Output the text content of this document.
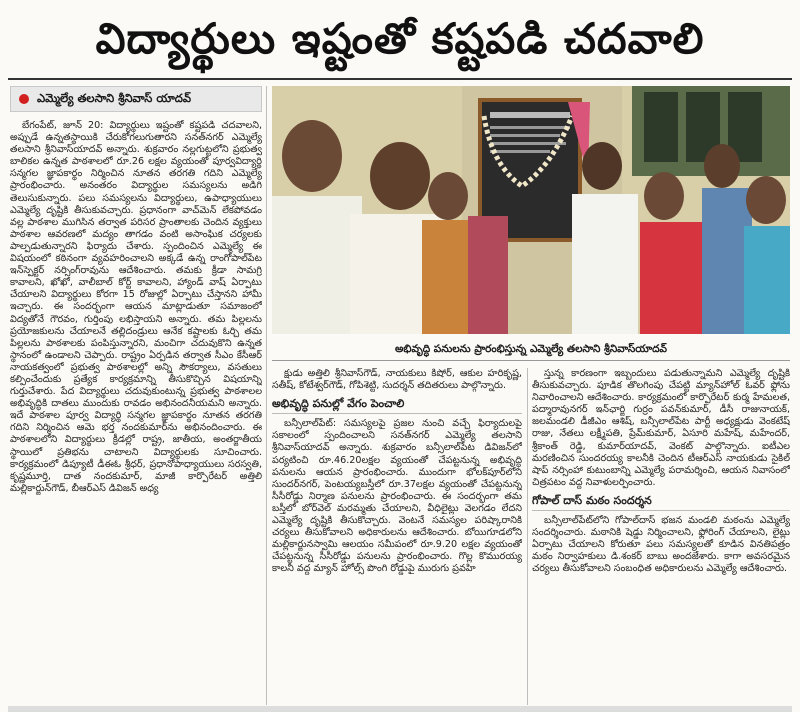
విద్యార్థులు ఇష్టంతో కష్టపడి చదవాలి
ఎమ్మెల్యే తలసాని శ్రీనివాస్ యాదవ్

బేగంపేట్, జూన్ 20: విద్యార్థులు ఇష్టంతో కష్టపడి చదవాలని, అప్పుడే ఉన్నతస్థాయికి చేరుకోగలుగుతారని సనత్‌నగర్ ఎమ్మెల్యే తలసాని శ్రీనివాస్‌యాదవ్ అన్నారు. శుక్రవారం నల్లగుట్టలోని ప్రభుత్వ బాలికల ఉన్నత పాఠశాలలో రూ.26 లక్షల వ్యయంతో పూర్వవిద్యార్థి సన్మగల జ్ఞాపకార్థం నిర్మించిన నూతన తరగతి గదిని ఎమ్మెల్యే ప్రారంభించారు. అనంతరం విద్యార్థుల సమస్యలను అడిగి తెలుసుకున్నారు. పలు సమస్యలను విద్యార్థులు, ఉపాధ్యాయులు ఎమ్మెల్యే దృష్టికి తీసుకువచ్చారు. ప్రధానంగా వాచ్‌మెన్ లేకపోవడం వల్ల పాఠశాల ముగిసిన తర్వాత పరిసర ప్రాంతాలకు చెందిన వ్యక్తులు పాఠశాల ఆవరణలో మద్యం తాగడం వంటి అసాంఘిక చర్యలకు పాల్పడుతున్నారని ఫిర్యాదు చేశారు. స్పందించిన ఎమ్మెల్యే ఈ విషయంలో కఠినంగా వ్యవహరించాలని అక్కడే ఉన్న రాంగోపాల్‌పేట ఇన్‌స్పెక్టర్ నర్సింగ్‌రావును ఆదేశించారు. తమకు క్రీడా సామగ్రి కావాలని, ఖోఖో, వాలీబాల్ కోర్ట్ కావాలని, హ్యాండ్ వాష్ ఏర్పాటు చేయాలని విద్యార్థులు కోరగా 15 రోజుల్లో ఏర్పాటు చేస్తానని హామీ ఇచ్చారు. ఈ సందర్భంగా ఆయన మాట్లాడుతూ సమాజంలో విద్యతోనే గౌరవం, గుర్తింపు లభిస్తాయని అన్నారు. తమ పిల్లలను ప్రయోజకులను చేయాలనే తల్లిదండ్రులు ఆనేక కష్టాలకు ఓర్చి తమ పిల్లలను పాఠశాలకు పంపిస్తున్నారని, మంచిగా చదువుకొని ఉన్నత స్థానంలో ఉండాలని చెప్పారు. రాష్ట్రం ఏర్పడిన తర్వాత సీఎం కేసీఆర్ నాయకత్వంలో ప్రభుత్వ పాఠశాలల్లో అన్ని సౌకర్యాలు, వసతులు కల్పించేందుకు ప్రత్యేక కార్యక్రమాన్ని తీసుకొచ్చిన విషయాన్ని గుర్తుచేశారు. పేద విద్యార్థులు చదువుకుంటున్న ప్రభుత్వ పాఠశాలల అభివృద్ధికి దాతలు ముందుకు రావడం అభినందనీయమని అన్నారు. ఇదే పాఠశాల పూర్వ విద్యార్థి సన్మగల జ్ఞాపకార్థం నూతన తరగతి గదిని నిర్మించిన ఆమె భర్త నందకుమార్‌ను అభినందించారు. ఈ పాఠశాలలోని విద్యార్థులు క్రీడల్లో రాష్ట్ర, జాతీయ, అంతర్జాతీయ స్థాయిలో ప్రతిభను చాటాలని విద్యార్థులకు సూచించారు. కార్యక్రమంలో డిప్యూటీ డీఈఓ శ్రీధర్, ప్రధానోపాధ్యాయులు సరస్వతి, కృష్ణమూర్తి, దాత నందకుమార్, మాజీ కార్పొరేటర్ అత్తిలి మల్లికార్జున్‌గౌడ్, బీఆర్‌ఎస్ డివిజన్ అధ్య

అభివృద్ధి పనులను ప్రారంభిస్తున్న ఎమ్మెల్యే తలసాని శ్రీనివాస్‌యాదవ్

క్షుడు అత్తిలి శ్రీనివాస్‌గౌడ్, నాయకులు కిషోర్, ఆకుల హరికృష్ణ, సతీష్, కోటేశ్వర్‌గౌడ్, గోపిశెట్టి, సుదర్శన్ తదితరులు పాల్గొన్నారు.

అభివృద్ధి పనుల్లో వేగం పెంచాలి

బన్సీలాల్‌పేట్: సమస్యలపై ప్రజల నుంచి వచ్చే ఫిర్యాదులపై సకాలంలో స్పందించాలని సనత్‌నగర్ ఎమ్మెల్యే తలసాని శ్రీనివాస్‌యాదవ్ అన్నారు. శుక్రవారం బన్సీలాల్‌పేట డివిజన్‌లో పర్యటించి రూ.46.20లక్షల వ్యయంతో చేపట్టనున్న అభివృద్ధి పనులను ఆయన ప్రారంభించారు. ముందుగా భోలక్‌పూర్‌లోని సుందర్‌నగర్, పెంటయ్యబస్తీలో రూ.37లక్షల వ్యయంతో చేపట్టనున్న సీసీరోడ్డు నిర్మాణ పనులను ప్రారంభించారు. ఈ సందర్భంగా తమ బస్తీలో బోర్‌వెల్ మరమ్మతు చేయాలని, వీధిలైట్లు వెలగడం లేదని ఎమ్మెల్యే దృష్టికి తీసుకొచ్చారు. వెంటనే సమస్యల పరిష్కారానికి చర్యలు తీసుకోవాలని అధికారులను ఆదేశించారు. బోయిగూడలోని మల్లికార్జునస్వామి ఆలయం సమీపంలో రూ.9.20 లక్షల వ్యయంతో చేపట్టనున్న సీసీరోడ్డు పనులను ప్రారంభించారు. గొల్ల కొమురయ్య కాలనీ వద్ద మ్యాన్ హోల్స్ పొంగి రోడ్డుపై మురుగు ప్రవహి

స్తున్న కారణంగా ఇబ్బందులు పడుతున్నామని ఎమ్మెల్యే దృష్టికి తీసుకువచ్చారు. పూడిక తొలగింపు చేపట్టి మ్యాన్‌హోల్ ఓవర్ ఫ్లోను నివారించాలని ఆదేశించారు. కార్యక్రమంలో కార్పొరేటర్ కుర్మ హేమలత, పద్మారావునగర్ ఇన్‌ఛార్జి గుర్రం పవన్‌కుమార్, డీసీ రాజునాయక్, జలమండలి డీజీఎం ఆశిష్, బన్సీలాల్‌పేట పార్టీ అధ్యక్షుడు వెంకటేష్ రాజు, నేతలు లక్ష్మీపతి, ప్రేమ్‌కుమార్, ఏసూరి మహేష్, మహేందర్, శ్రీకాంత్ రెడ్డి, కుమార్‌యాదవ్, వెంకట్ పాల్గొన్నారు. ఐటీఎల మరణించిన సుందరయ్య కాలనీకి చెందిన టీఆర్‌ఎస్ నాయకుడు సైకిల్ షాప్ నర్సింహా కుటుంబాన్ని ఎమ్మెల్యే పరామర్శించి, ఆయన నివాసంలో చిత్రపటం వద్ద నివాళులర్పించారు.

గోపాల్ దాస్ మఠం సందర్శన

బన్సీలాల్‌పేట్‌లోని గోపాల్‌దాస్ భజన మండలి మఠంను ఎమ్మెల్యే సందర్శించారు. మఠానికి షెడ్డు నిర్మించాలని, ఫ్లోరింగ్ చేయాలని, లైట్లు ఏర్పాటు చేయాలని కోరుతూ పలు సమస్యలతో కూడిన వినతిపత్రం మఠం నిర్వాహకులు డి.శంకర్ బాబు అందజేశారు. కాగా అవసరమైన చర్యలు తీసుకోవాలని సంబంధిత అధికారులను ఎమ్మెల్యే ఆదేశించారు.
